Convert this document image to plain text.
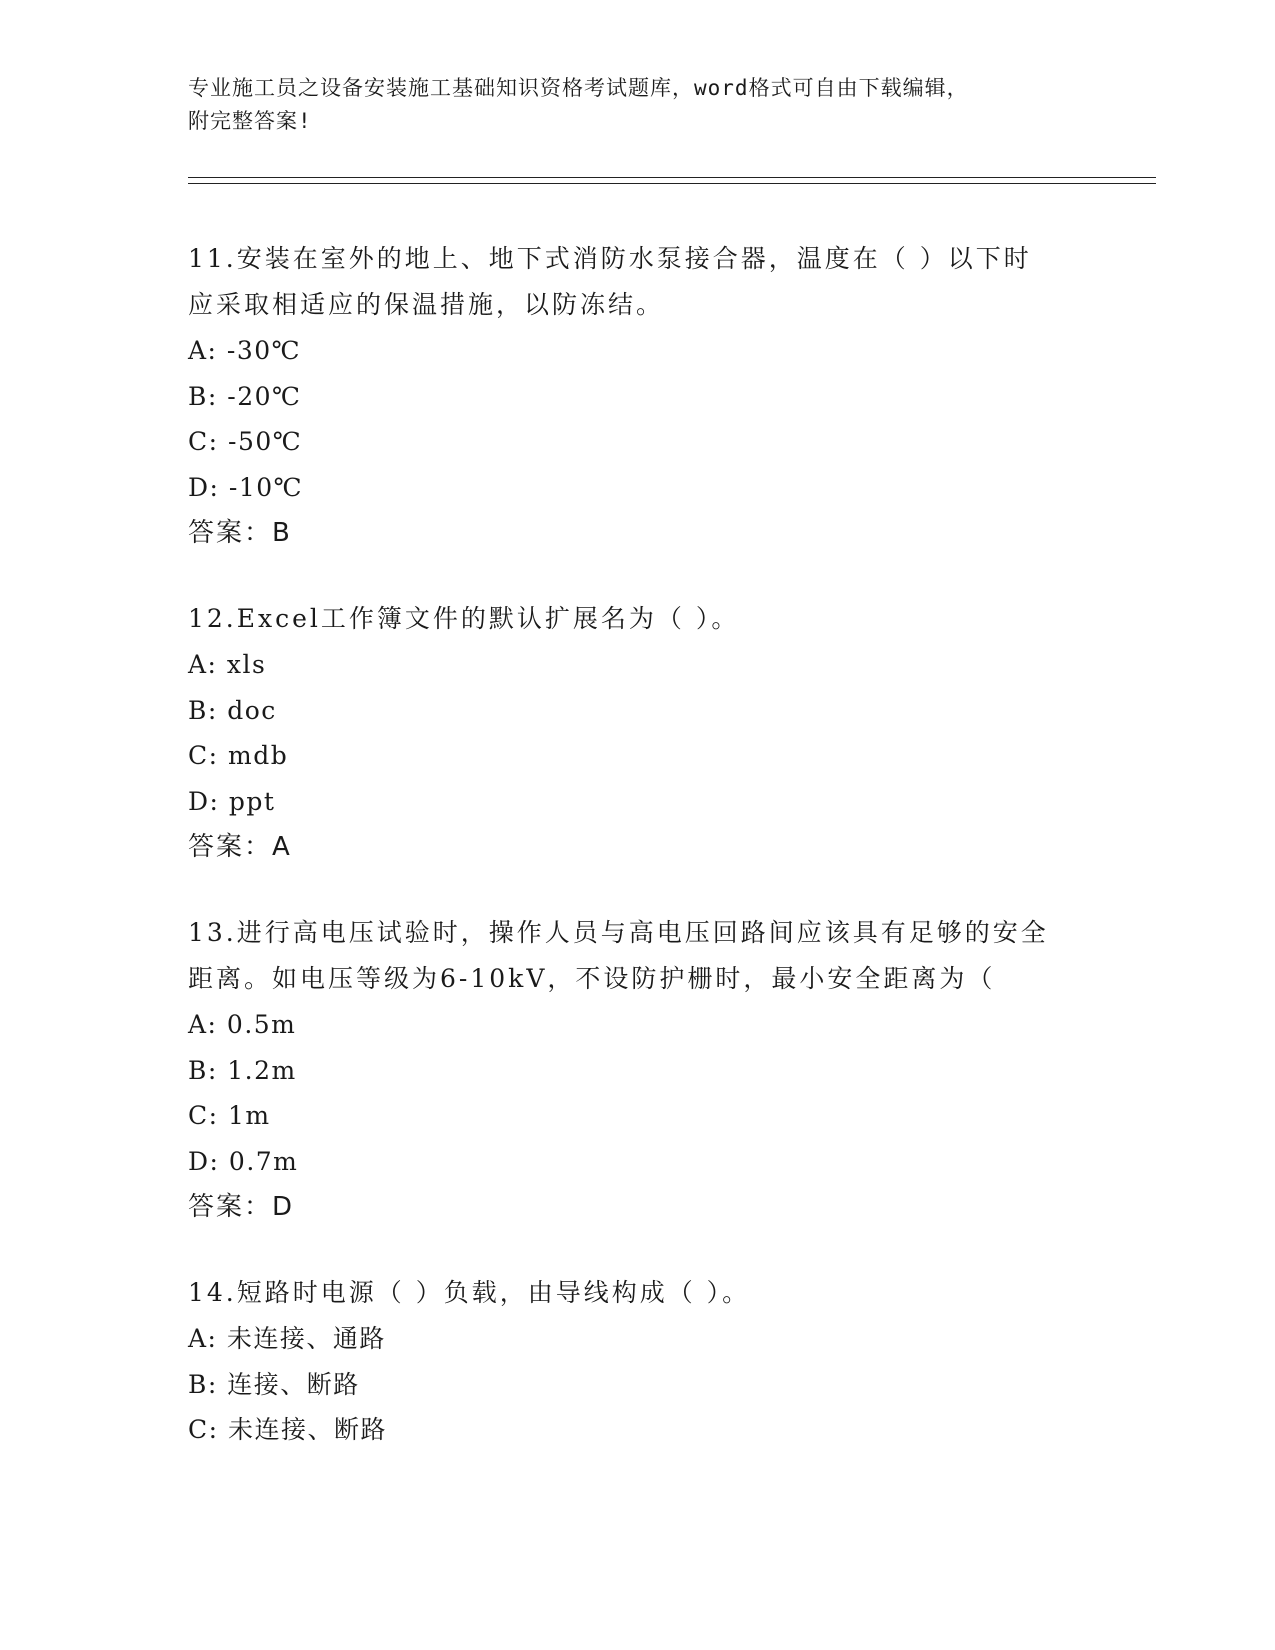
专业施工员之设备安装施工基础知识资格考试题库，word格式可自由下载编辑，
附完整答案!
11.安装在室外的地上、地下式消防水泵接合器，温度在（ ）以下时
应采取相适应的保温措施，以防冻结。
A: -30℃
B: -20℃
C: -50℃
D: -10℃
答案：B
12.Excel工作簿文件的默认扩展名为（ ）。
A: xls
B: doc
C: mdb
D: ppt
答案：A
13.进行高电压试验时，操作人员与高电压回路间应该具有足够的安全
距离。如电压等级为6-10kV，不设防护栅时，最小安全距离为（
A: 0.5m
B: 1.2m
C: 1m
D: 0.7m
答案：D
14.短路时电源（ ）负载，由导线构成（ ）。
A: 未连接、通路
B: 连接、断路
C: 未连接、断路
